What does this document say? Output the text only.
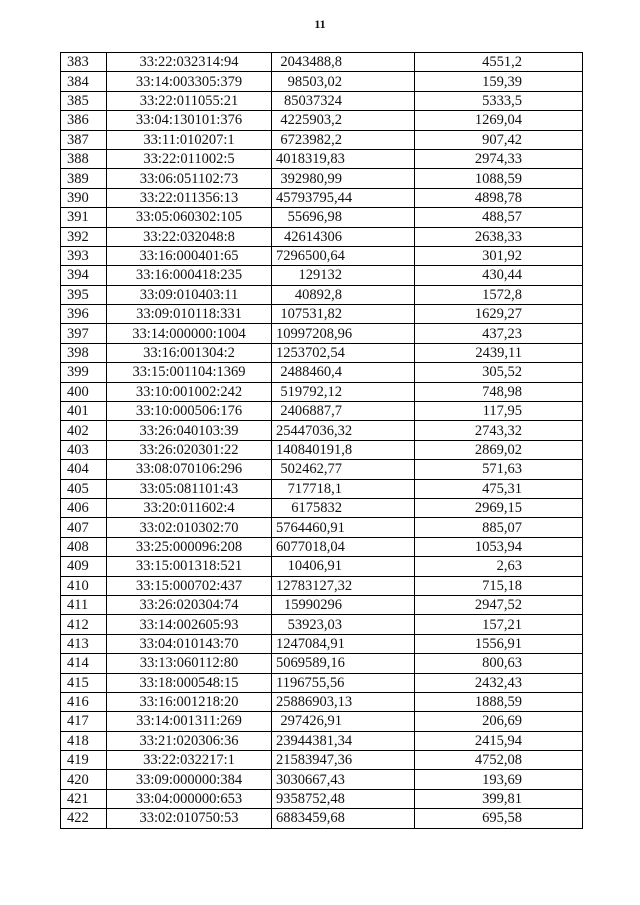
11
383	33:22:032314:94	2043488,8	4551,2
384	33:14:003305:379	98503,02	159,39
385	33:22:011055:21	85037324	5333,5
386	33:04:130101:376	4225903,2	1269,04
387	33:11:010207:1	6723982,2	907,42
388	33:22:011002:5	4018319,83	2974,33
389	33:06:051102:73	392980,99	1088,59
390	33:22:011356:13	45793795,44	4898,78
391	33:05:060302:105	55696,98	488,57
392	33:22:032048:8	42614306	2638,33
393	33:16:000401:65	7296500,64	301,92
394	33:16:000418:235	129132	430,44
395	33:09:010403:11	40892,8	1572,8
396	33:09:010118:331	107531,82	1629,27
397	33:14:000000:1004	10997208,96	437,23
398	33:16:001304:2	1253702,54	2439,11
399	33:15:001104:1369	2488460,4	305,52
400	33:10:001002:242	519792,12	748,98
401	33:10:000506:176	2406887,7	117,95
402	33:26:040103:39	25447036,32	2743,32
403	33:26:020301:22	140840191,8	2869,02
404	33:08:070106:296	502462,77	571,63
405	33:05:081101:43	717718,1	475,31
406	33:20:011602:4	6175832	2969,15
407	33:02:010302:70	5764460,91	885,07
408	33:25:000096:208	6077018,04	1053,94
409	33:15:001318:521	10406,91	2,63
410	33:15:000702:437	12783127,32	715,18
411	33:26:020304:74	15990296	2947,52
412	33:14:002605:93	53923,03	157,21
413	33:04:010143:70	1247084,91	1556,91
414	33:13:060112:80	5069589,16	800,63
415	33:18:000548:15	1196755,56	2432,43
416	33:16:001218:20	25886903,13	1888,59
417	33:14:001311:269	297426,91	206,69
418	33:21:020306:36	23944381,34	2415,94
419	33:22:032217:1	21583947,36	4752,08
420	33:09:000000:384	3030667,43	193,69
421	33:04:000000:653	9358752,48	399,81
422	33:02:010750:53	6883459,68	695,58
